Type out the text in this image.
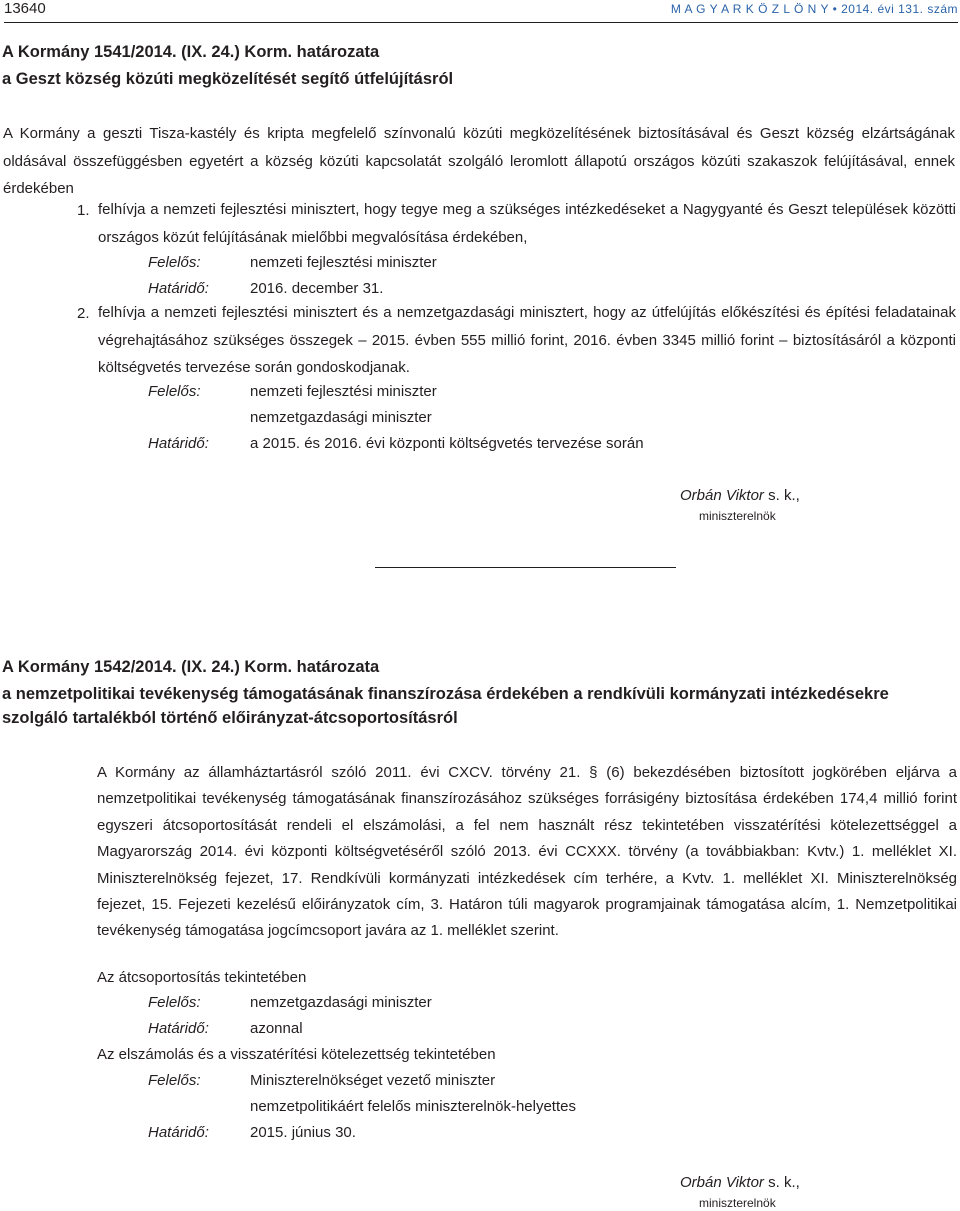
13640	M A G Y A R K Ö Z L Ö N Y • 2014. évi 131. szám
A Kormány 1541/2014. (IX. 24.) Korm. határozata
a Geszt község közúti megközelítését segítő útfelújításról
A Kormány a geszti Tisza-kastély és kripta megfelelő színvonalú közúti megközelítésének biztosításával és Geszt község elzártságának oldásával összefüggésben egyetért a község közúti kapcsolatát szolgáló leromlott állapotú országos közúti szakaszok felújításával, ennek érdekében
1. felhívja a nemzeti fejlesztési minisztert, hogy tegye meg a szükséges intézkedéseket a Nagygyanté és Geszt települések közötti országos közút felújításának mielőbbi megvalósítása érdekében,
Felelős:	nemzeti fejlesztési miniszter
Határidő:	2016. december 31.
2. felhívja a nemzeti fejlesztési minisztert és a nemzetgazdasági minisztert, hogy az útfelújítás előkészítési és építési feladatainak végrehajtásához szükséges összegek – 2015. évben 555 millió forint, 2016. évben 3345 millió forint – biztosításáról a központi költségvetés tervezése során gondoskodjanak.
Felelős:	nemzeti fejlesztési miniszter
nemzetgazdasági miniszter
Határidő:	a 2015. és 2016. évi központi költségvetés tervezése során
Orbán Viktor s. k.,
miniszterelnök
A Kormány 1542/2014. (IX. 24.) Korm. határozata
a nemzetpolitikai tevékenység támogatásának finanszírozása érdekében a rendkívüli kormányzati intézkedésekre szolgáló tartalékból történő előirányzat-átcsoportosításról
A Kormány az államháztartásról szóló 2011. évi CXCV. törvény 21. § (6) bekezdésében biztosított jogkörében eljárva a nemzetpolitikai tevékenység támogatásának finanszírozásához szükséges forrásigény biztosítása érdekében 174,4 millió forint egyszeri átcsoportosítását rendeli el elszámolási, a fel nem használt rész tekintetében visszatérítési kötelezettséggel a Magyarország 2014. évi központi költségvetéséről szóló 2013. évi CCXXX. törvény (a továbbiakban: Kvtv.) 1. melléklet XI. Miniszterelnökség fejezet, 17. Rendkívüli kormányzati intézkedések cím terhére, a Kvtv. 1. melléklet XI. Miniszterelnökség fejezet, 15. Fejezeti kezelésű előirányzatok cím, 3. Határon túli magyarok programjainak támogatása alcím, 1. Nemzetpolitikai tevékenység támogatása jogcímcsoport javára az 1. melléklet szerint.
Az átcsoportosítás tekintetében
Felelős:	nemzetgazdasági miniszter
Határidő:	azonnal
Az elszámolás és a visszatérítési kötelezettség tekintetében
Felelős:	Miniszterelnökséget vezető miniszter
nemzetpolitikáért felelős miniszterelnök-helyettes
Határidő:	2015. június 30.
Orbán Viktor s. k.,
miniszterelnök
